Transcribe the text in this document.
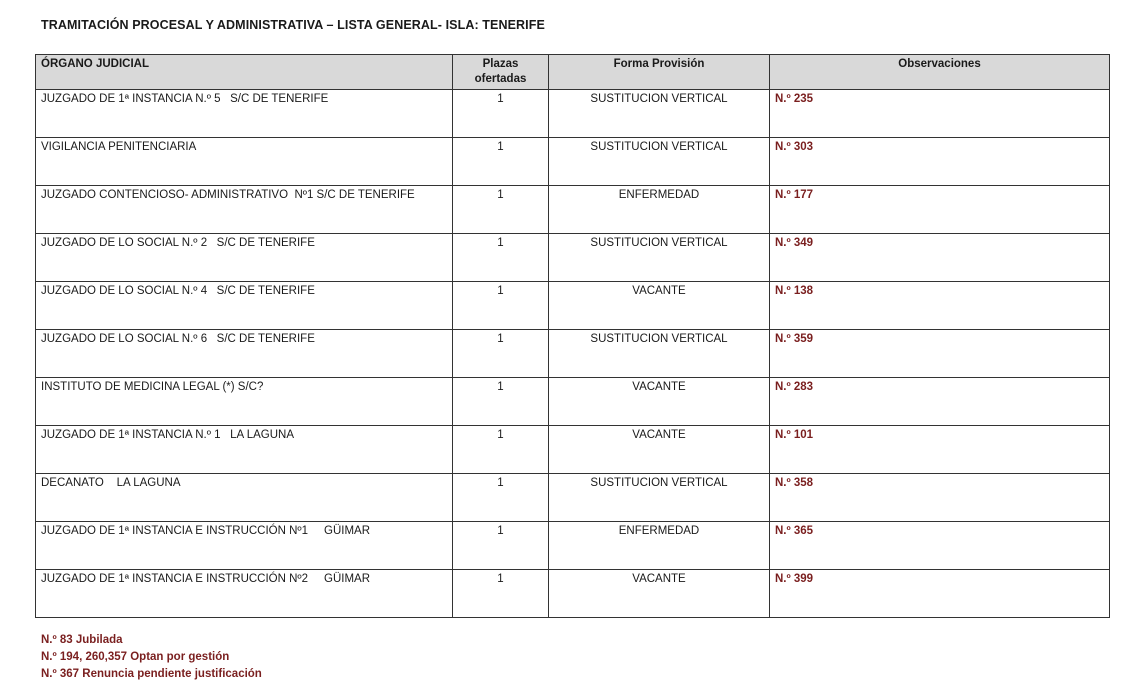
TRAMITACIÓN PROCESAL Y ADMINISTRATIVA – LISTA GENERAL- ISLA: TENERIFE
ÓRGANO JUDICIAL	Plazas ofertadas	Forma Provisión	Observaciones

JUZGADO DE 1ª INSTANCIA N.º 5   S/C DE TENERIFE	1	SUSTITUCION VERTICAL	N.º 235
VIGILANCIA PENITENCIARIA	1	SUSTITUCION VERTICAL	N.º 303
JUZGADO CONTENCIOSO- ADMINISTRATIVO  Nº1 S/C DE TENERIFE	1	ENFERMEDAD	N.º 177
JUZGADO DE LO SOCIAL N.º 2   S/C DE TENERIFE	1	SUSTITUCION VERTICAL	N.º 349
JUZGADO DE LO SOCIAL N.º 4   S/C DE TENERIFE	1	VACANTE	N.º 138
JUZGADO DE LO SOCIAL N.º 6   S/C DE TENERIFE	1	SUSTITUCION VERTICAL	N.º 359
INSTITUTO DE MEDICINA LEGAL (*) S/C?	1	VACANTE	N.º 283
JUZGADO DE 1ª INSTANCIA N.º 1   LA LAGUNA	1	VACANTE	N.º 101
DECANATO    LA LAGUNA	1	SUSTITUCION VERTICAL	N.º 358
JUZGADO DE 1ª INSTANCIA E INSTRUCCIÓN Nº1     GÜIMAR	1	ENFERMEDAD	N.º 365
JUZGADO DE 1ª INSTANCIA E INSTRUCCIÓN Nº2     GÜIMAR	1	VACANTE	N.º 399
N.º 83 Jubilada
N.º 194, 260,357 Optan por gestión
N.º 367 Renuncia pendiente justificación
